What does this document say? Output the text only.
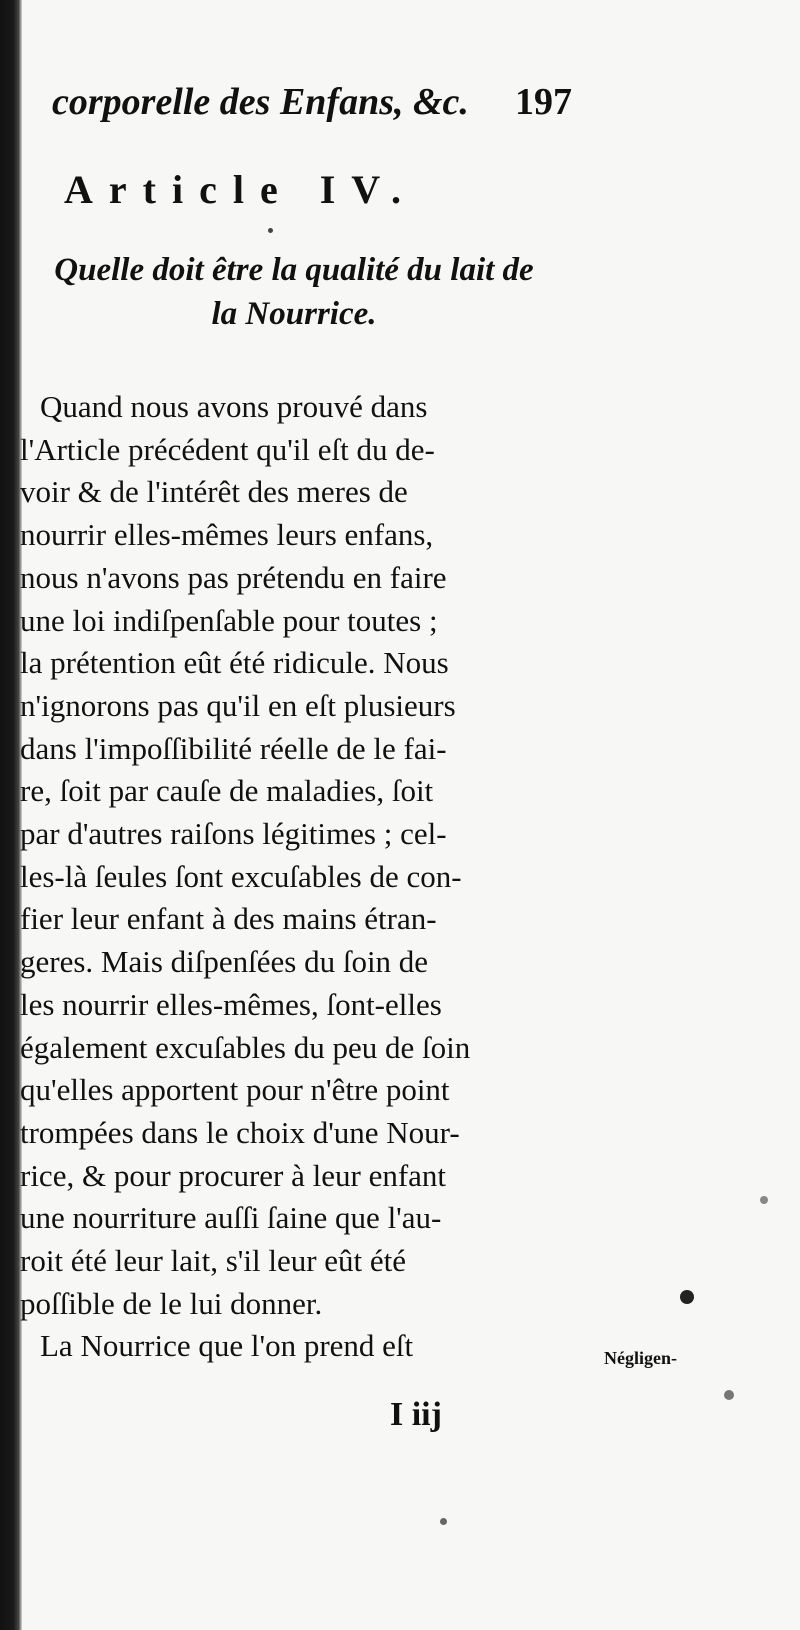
corporelle des Enfans, &c. 197
Article IV.
Quelle doit être la qualité du lait de
la Nourrice.
Quand nous avons prouvé dans
l'Article précédent qu'il eſt du de-
voir & de l'intérêt des meres de
nourrir elles-mêmes leurs enfans,
nous n'avons pas prétendu en faire
une loi indiſpenſable pour toutes ;
la prétention eût été ridicule. Nous
n'ignorons pas qu'il en eſt plusieurs
dans l'impoſſibilité réelle de le fai-
re, ſoit par cauſe de maladies, ſoit
par d'autres raiſons légitimes ; cel-
les-là ſeules ſont excuſables de con-
fier leur enfant à des mains étran-
geres. Mais diſpenſées du ſoin de
les nourrir elles-mêmes, ſont-elles
également excuſables du peu de ſoin
qu'elles apportent pour n'être point
trompées dans le choix d'une Nour-
rice, & pour procurer à leur enfant
une nourriture auſſi ſaine que l'au-
roit été leur lait, s'il leur eût été
poſſible de le lui donner.
La Nourrice que l'on prend eſt	Négligen-
I iij
